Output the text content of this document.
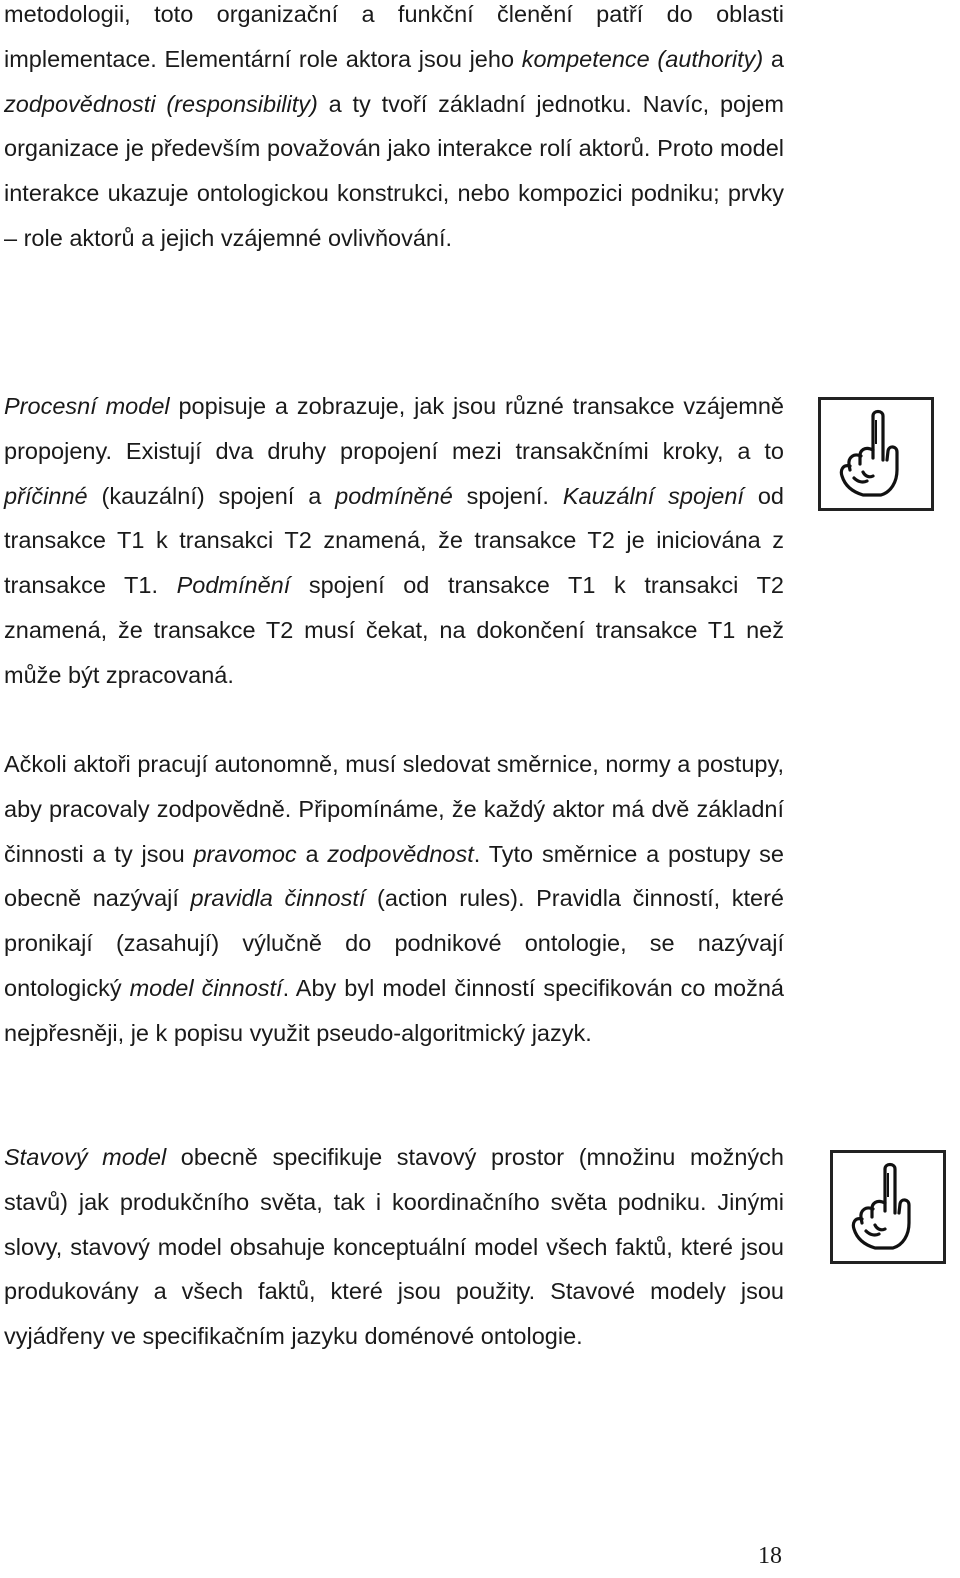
metodologii, toto organizační a funkční členění patří do oblasti implementace. Elementární role aktora jsou jeho kompetence (authority) a zodpovědnosti (responsibility) a ty tvoří základní jednotku. Navíc, pojem organizace je především považován jako interakce rolí aktorů. Proto model interakce ukazuje ontologickou konstrukci, nebo kompozici podniku; prvky – role aktorů a jejich vzájemné ovlivňování.

Procesní model popisuje a zobrazuje, jak jsou různé transakce vzájemně propojeny. Existují dva druhy propojení mezi transakčními kroky, a to příčinné (kauzální) spojení a podmíněné spojení. Kauzální spojení od transakce T1 k transakci T2 znamená, že transakce T2 je iniciována z transakce T1. Podmínění spojení od transakce T1 k transakci T2 znamená, že transakce T2 musí čekat, na dokončení transakce T1 než může být zpracovaná.

Ačkoli aktoři pracují autonomně, musí sledovat směrnice, normy a postupy, aby pracovaly zodpovědně. Připomínáme, že každý aktor má dvě základní činnosti a ty jsou pravomoc a zodpovědnost. Tyto směrnice a postupy se obecně nazývají pravidla činností (action rules). Pravidla činností, které pronikají (zasahují) výlučně do podnikové ontologie, se nazývají ontologický model činností. Aby byl model činností specifikován co možná nejpřesněji, je k popisu využit pseudo-algoritmický jazyk.

Stavový model obecně specifikuje stavový prostor (množinu možných stavů) jak produkčního světa, tak i koordinačního světa podniku. Jinými slovy, stavový model obsahuje konceptuální model všech faktů, které jsou produkovány a všech faktů, které jsou použity. Stavové modely jsou vyjádřeny ve specifikačním jazyku doménové ontologie.

18
